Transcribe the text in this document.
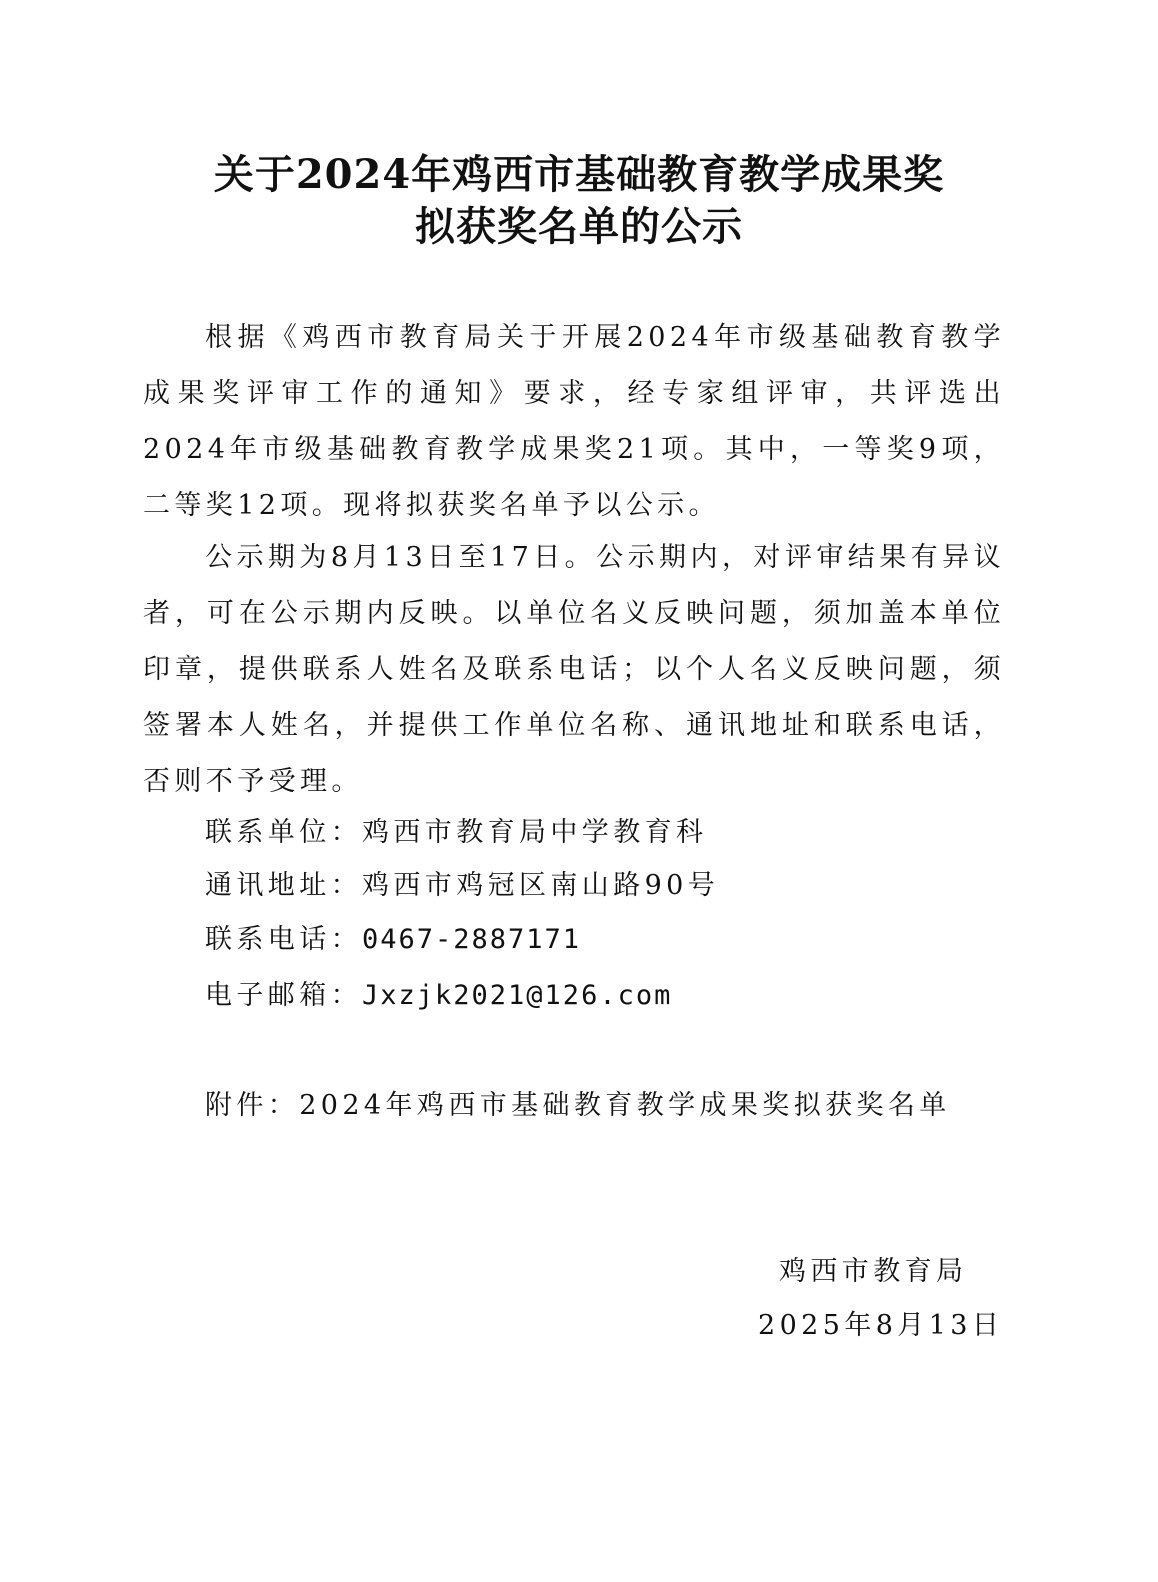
关于2024年鸡西市基础教育教学成果奖
拟获奖名单的公示

根据《鸡西市教育局关于开展2024年市级基础教育教学成果奖评审工作的通知》要求，经专家组评审，共评选出2024年市级基础教育教学成果奖21项。其中，一等奖9项，二等奖12项。现将拟获奖名单予以公示。

公示期为8月13日至17日。公示期内，对评审结果有异议者，可在公示期内反映。以单位名义反映问题，须加盖本单位印章，提供联系人姓名及联系电话；以个人名义反映问题，须签署本人姓名，并提供工作单位名称、通讯地址和联系电话，否则不予受理。

联系单位：鸡西市教育局中学教育科
通讯地址：鸡西市鸡冠区南山路90号
联系电话：0467-2887171
电子邮箱：Jxzjk2021@126.com
附件：2024年鸡西市基础教育教学成果奖拟获奖名单
鸡西市教育局
2025年8月13日
